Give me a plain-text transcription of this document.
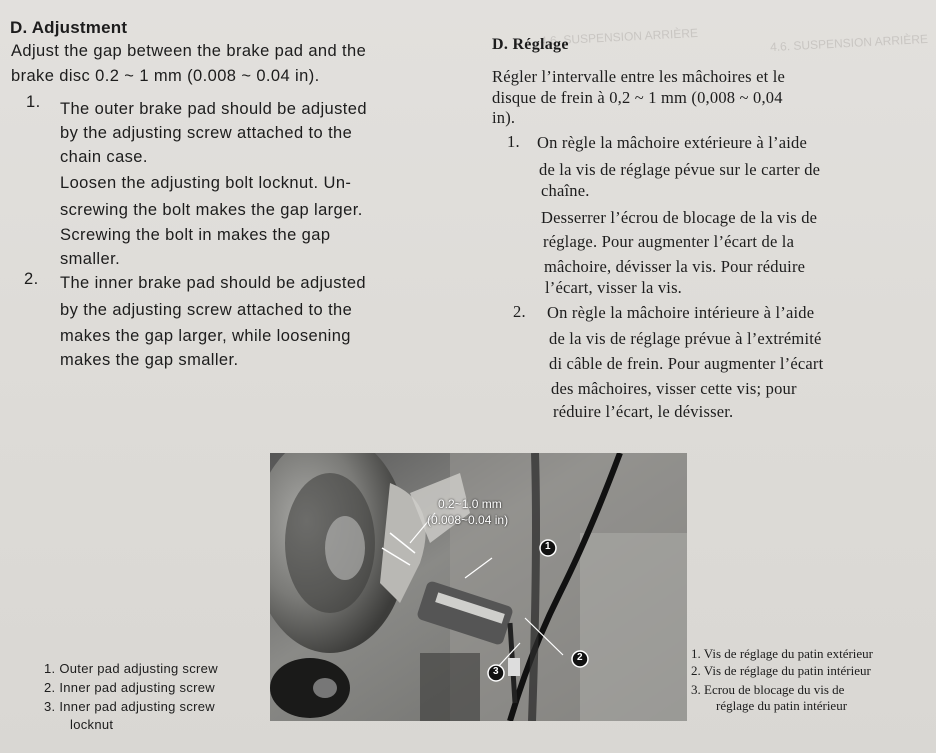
4.6. SUSPENSION ARRIÈRE	4.6. SUSPENSION ARRIÈRE
D. Adjustment
Adjust the gap between the brake pad and the
brake disc 0.2 ~ 1 mm (0.008 ~ 0.04 in).
1. The outer brake pad should be adjusted
by the adjusting screw attached to the
chain case.
Loosen the adjusting bolt locknut. Un-
screwing the bolt makes the gap larger.
Screwing the bolt in makes the gap
smaller.
2. The inner brake pad should be adjusted
by the adjusting screw attached to the
makes the gap larger, while loosening
makes the gap smaller.
D. Réglage
Régler l’intervalle entre les mâchoires et le
disque de frein à 0,2 ~ 1 mm (0,008 ~ 0,04
in).
1. On règle la mâchoire extérieure à l’aide
de la vis de réglage pévue sur le carter de
chaîne.
Desserrer l’écrou de blocage de la vis de
réglage. Pour augmenter l’écart de la
mâchoire, dévisser la vis. Pour réduire
l’écart, visser la vis.
2. On règle la mâchoire intérieure à l’aide
de la vis de réglage prévue à l’extrémité
di câble de frein. Pour augmenter l’écart
des mâchoires, visser cette vis; pour
réduire l’écart, le dévisser.
0.2~1.0 mm
(0.008~0.04 in)
1
2
3
1. Outer pad adjusting screw
2. Inner pad adjusting screw
3. Inner pad adjusting screw
locknut
1. Vis de réglage du patin extérieur
2. Vis de réglage du patin intérieur
3. Ecrou de blocage du vis de
réglage du patin intérieur
